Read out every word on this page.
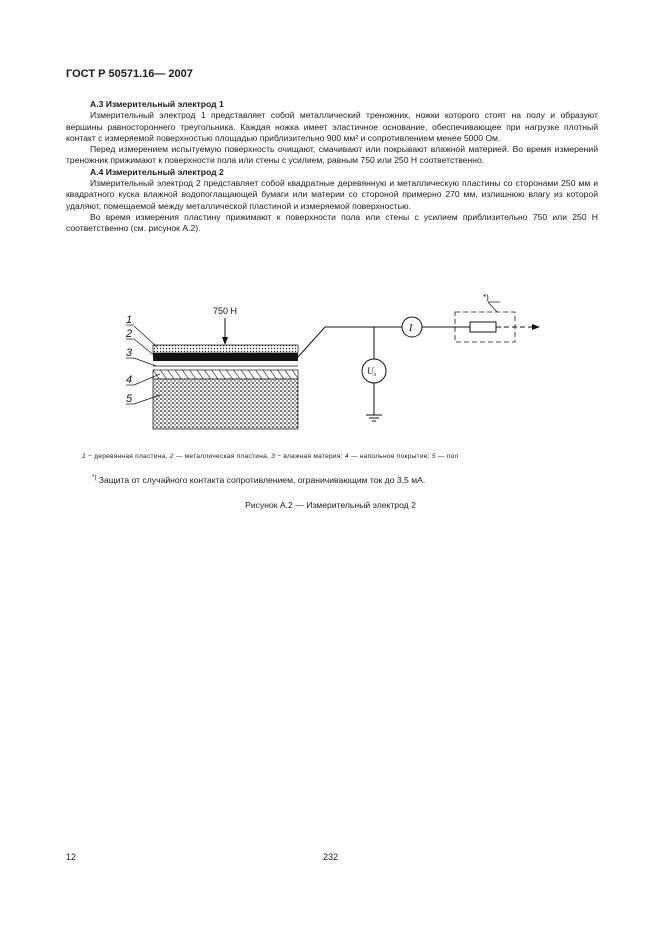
ГОСТ Р 50571.16— 2007
А.3 Измерительный электрод 1

Измерительный электрод 1 представляет собой металлический треножник, ножки которого стоят на полу и образуют вершины равностороннего треугольника. Каждая ножка имеет эластичное основание, обеспечивающее при нагрузке плотный контакт с измеряемой поверхностью площадью приблизительно 900 мм² и сопротивлением менее 5000 Ом.

Перед измерением испытуемую поверхность очищают, смачивают или покрывают влажной материей. Во время измерений треножник прижимают к поверхности пола или стены с усилием, равным 750 или 250 Н соответственно.

А.4 Измерительный электрод 2

Измерительный электрод 2 представляет собой квадратные деревянную и металлическую пластины со сторонами 250 мм и квадратного куска влажной водопоглащающей бумаги или материи со стороной примерно 270 мм, излишнюю влагу из которой удаляют, помещаемой между металлической пластиной и измеряемой поверхностью.

Во время измерения пластину прижимают к поверхности пола или стены с усилием приблизительно 750 или 250 Н соответственно (см. рисунок А.2).

750 Н
1
2
3
4
5
I
$U_x$
*)
1 − деревянная пластина, 2 — металлическая пластина, 3 − влажная материя; 4 — напольное покрытие; 5 — пол
*) Защита от случайного контакта сопротивлением, ограничивающим ток до 3,5 мА.
Рисунок А.2 — Измерительный электрод 2
12	232
